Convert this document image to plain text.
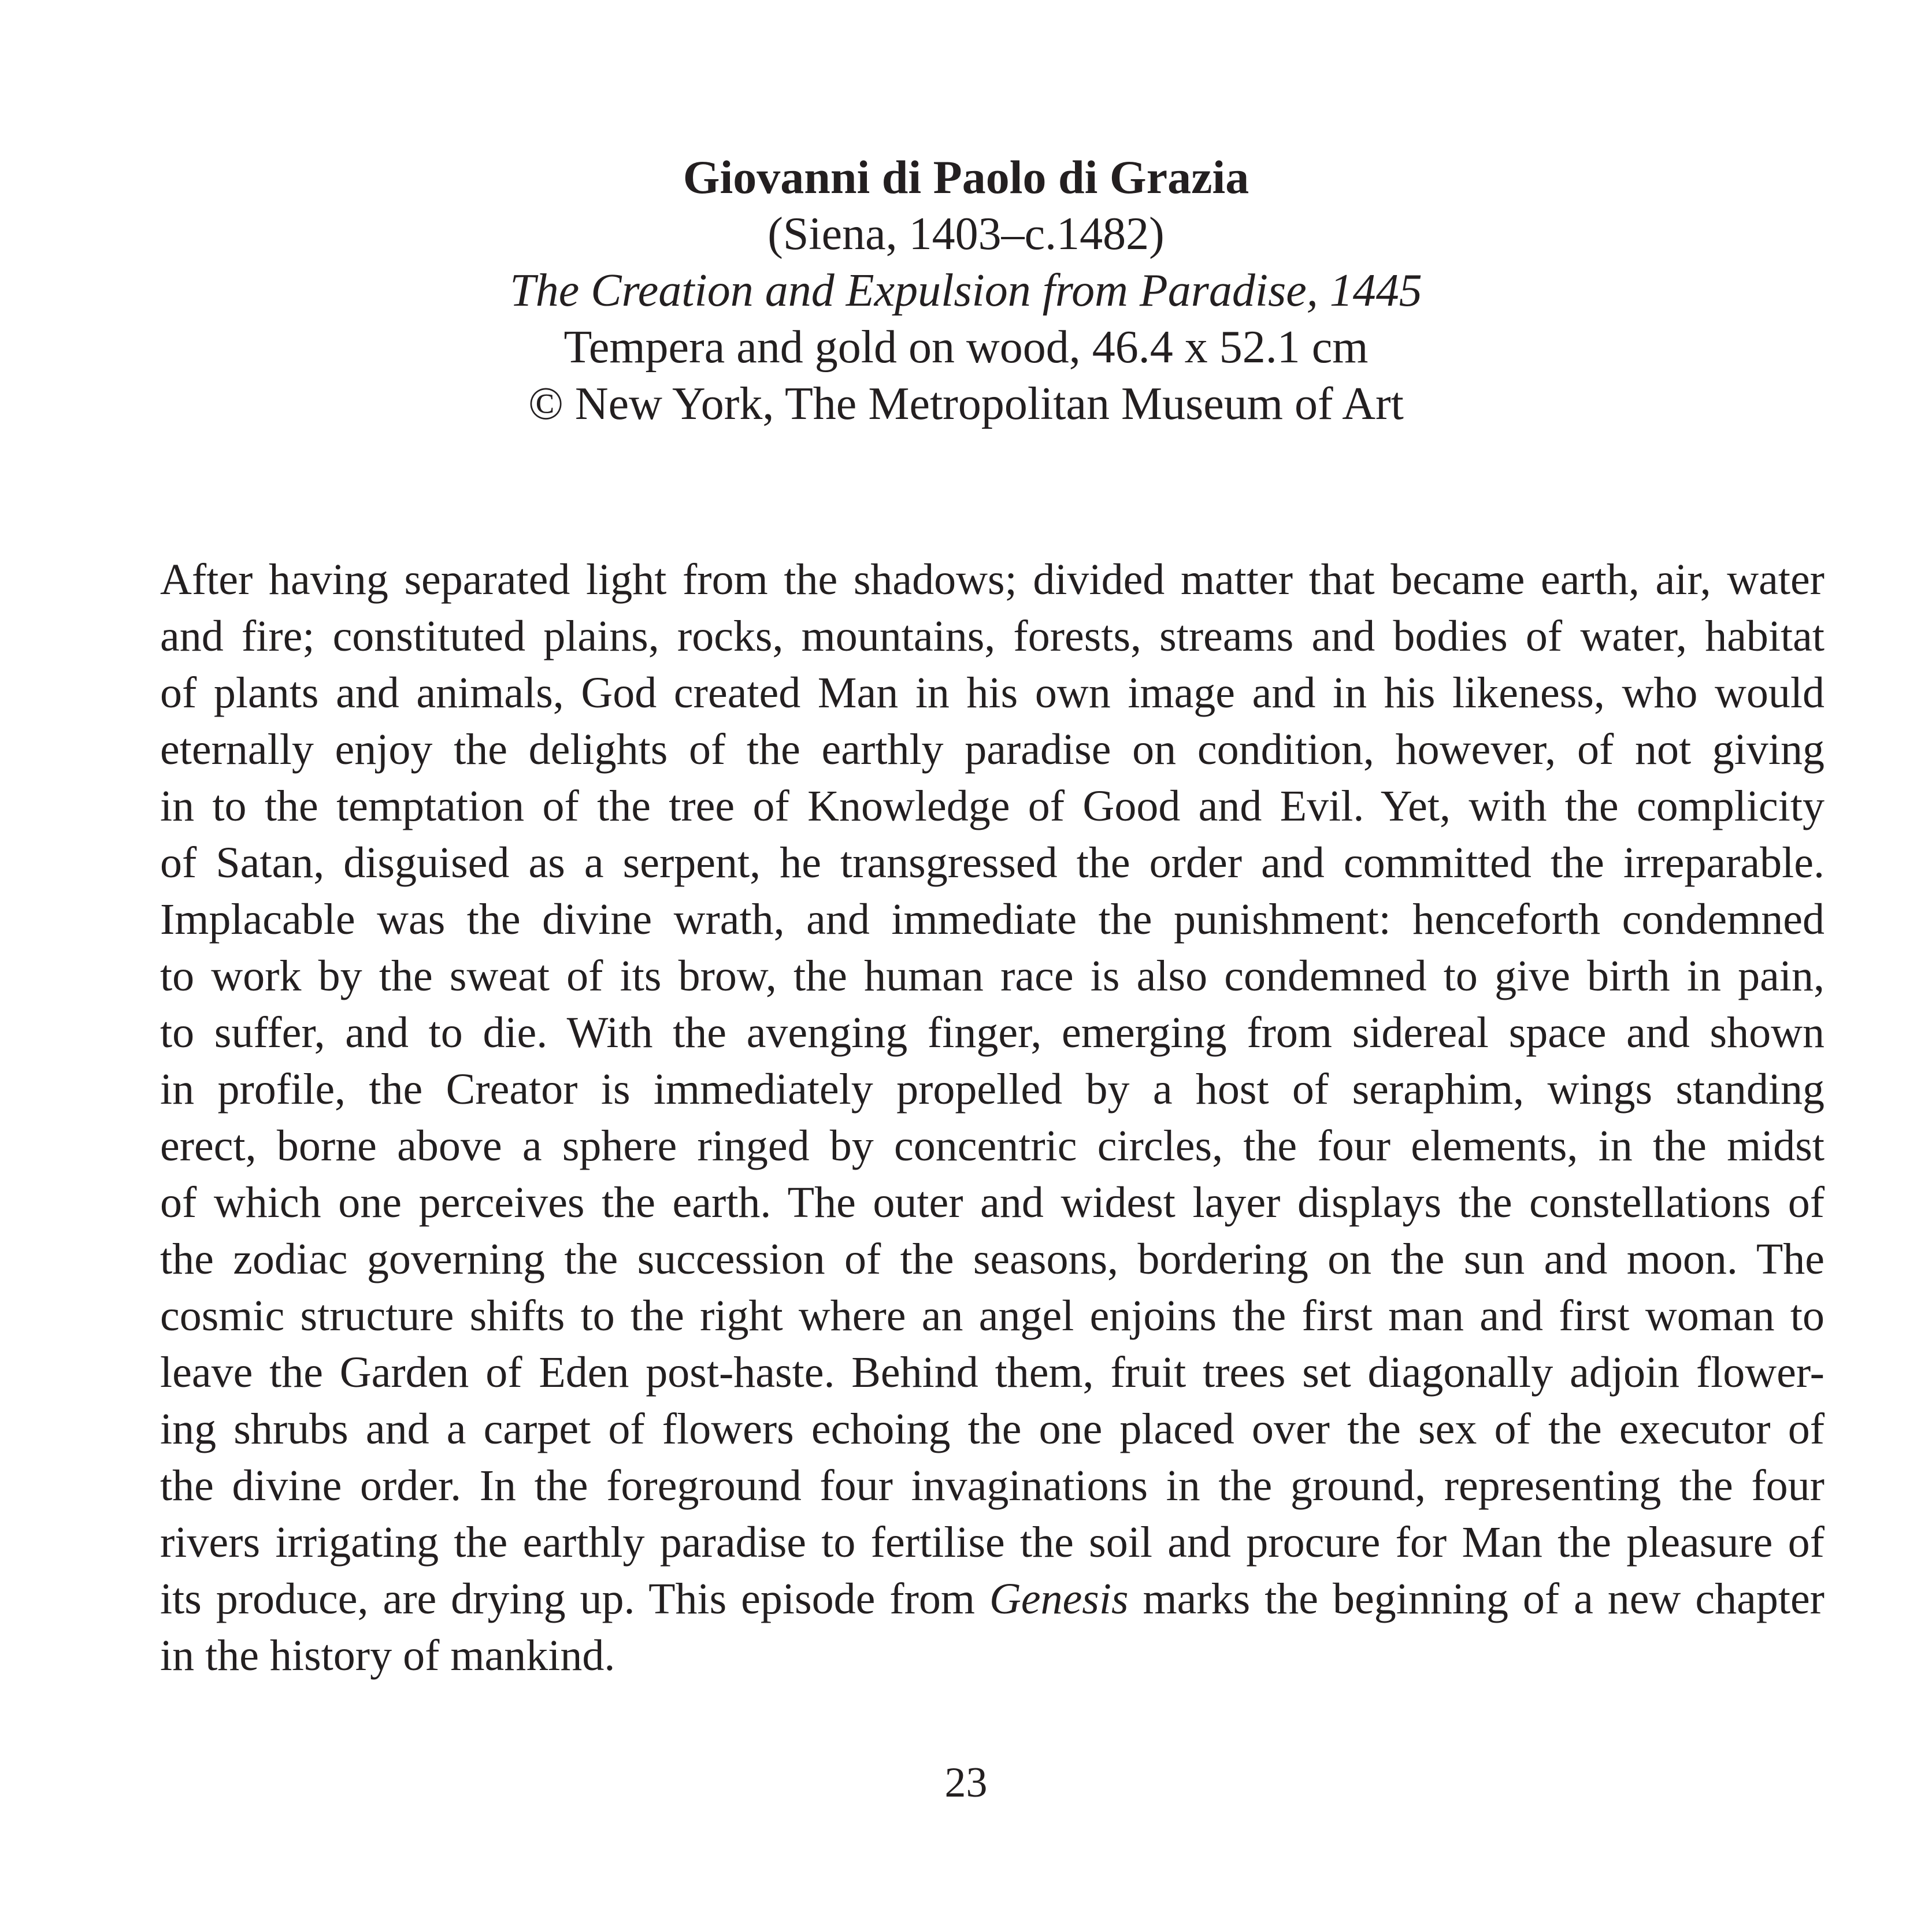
Giovanni di Paolo di Grazia
(Siena, 1403–c.1482)
The Creation and Expulsion from Paradise, 1445
Tempera and gold on wood, 46.4 x 52.1 cm
© New York, The Metropolitan Museum of Art
After having separated light from the shadows; divided matter that became earth, air, water
and fire; constituted plains, rocks, mountains, forests, streams and bodies of water, habitat
of plants and animals, God created Man in his own image and in his likeness, who would
eternally enjoy the delights of the earthly paradise on condition, however, of not giving
in to the temptation of the tree of Knowledge of Good and Evil. Yet, with the complicity
of Satan, disguised as a serpent, he transgressed the order and committed the irreparable.
Implacable was the divine wrath, and immediate the punishment: henceforth condemned
to work by the sweat of its brow, the human race is also condemned to give birth in pain,
to suffer, and to die. With the avenging finger, emerging from sidereal space and shown
in profile, the Creator is immediately propelled by a host of seraphim, wings standing
erect, borne above a sphere ringed by concentric circles, the four elements, in the midst
of which one perceives the earth. The outer and widest layer displays the constellations of
the zodiac governing the succession of the seasons, bordering on the sun and moon. The
cosmic structure shifts to the right where an angel enjoins the first man and first woman to
leave the Garden of Eden post-haste. Behind them, fruit trees set diagonally adjoin flower-
ing shrubs and a carpet of flowers echoing the one placed over the sex of the executor of
the divine order. In the foreground four invaginations in the ground, representing the four
rivers irrigating the earthly paradise to fertilise the soil and procure for Man the pleasure of
its produce, are drying up. This episode from Genesis marks the beginning of a new chapter
in the history of mankind.
23
